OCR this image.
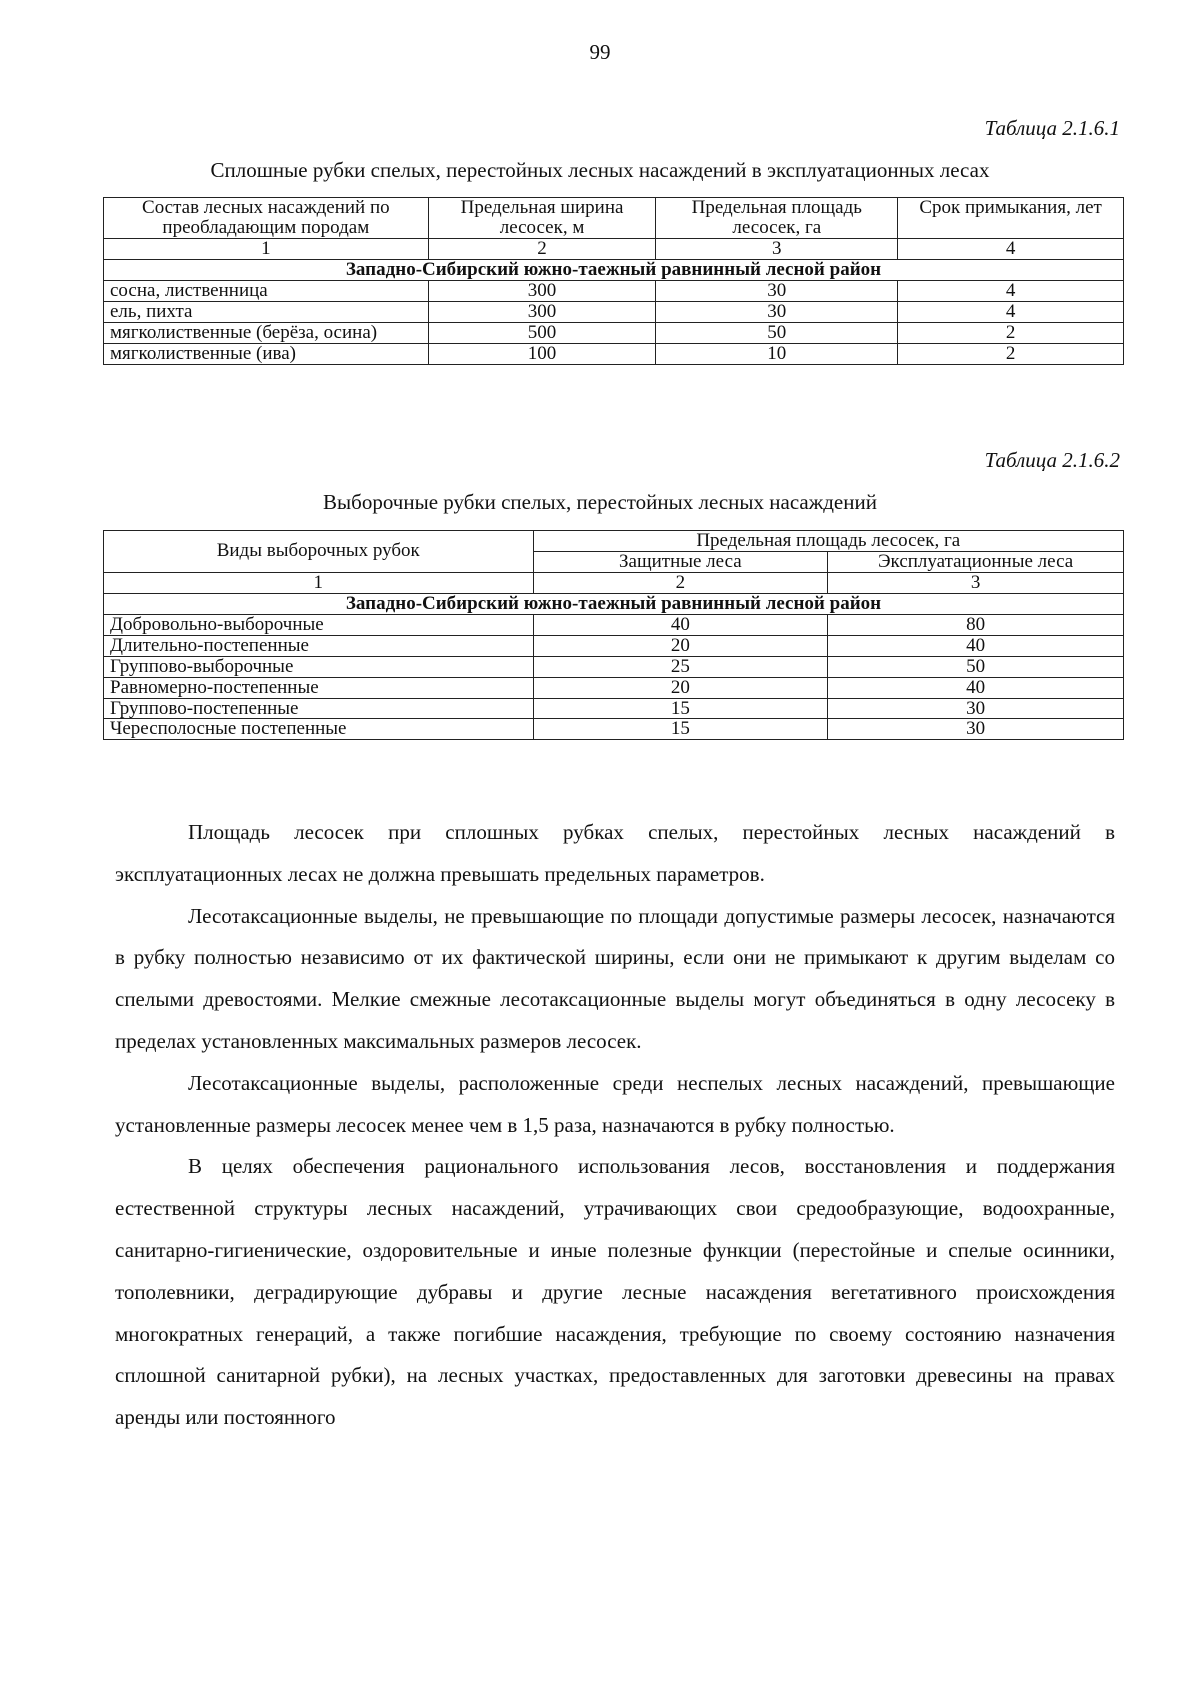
99
Таблица 2.1.6.1
Сплошные рубки спелых, перестойных лесных насаждений в эксплуатационных лесах
Состав лесных насаждений по преобладающим породам	Предельная ширина лесосек, м	Предельная площадь лесосек, га	Срок примыкания, лет
1	2	3	4
Западно-Сибирский южно-таежный равнинный лесной район			
сосна, лиственница	300	30	4
ель, пихта	300	30	4
мягколиственные (берёза, осина)	500	50	2
мягколиственные (ива)	100	10	2
Таблица 2.1.6.2
Выборочные рубки спелых, перестойных лесных насаждений
Виды выборочных рубок	Предельная площадь лесосек, га	
	Защитные леса	Эксплуатационные леса
1	2	3
Западно-Сибирский южно-таежный равнинный лесной район		
Добровольно-выборочные	40	80
Длительно-постепенные	20	40
Группово-выборочные	25	50
Равномерно-постепенные	20	40
Группово-постепенные	15	30
Чересполосные постепенные	15	30

Площадь лесосек при сплошных рубках спелых, перестойных лесных насаждений в эксплуатационных лесах не должна превышать предельных параметров.

Лесотаксационные выделы, не превышающие по площади допустимые размеры лесосек, назначаются в рубку полностью независимо от их фактической ширины, если они не примыкают к другим выделам со спелыми древостоями. Мелкие смежные лесотаксационные выделы могут объединяться в одну лесосеку в пределах установленных максимальных размеров лесосек.

Лесотаксационные выделы, расположенные среди неспелых лесных насаждений, превышающие установленные размеры лесосек менее чем в 1,5 раза, назначаются в рубку полностью.

В целях обеспечения рационального использования лесов, восстановления и поддержания естественной структуры лесных насаждений, утрачивающих свои средообразующие, водоохранные, санитарно-гигиенические, оздоровительные и иные полезные функции (перестойные и спелые осинники, тополевники, деградирующие дубравы и другие лесные насаждения вегетативного происхождения многократных генераций, а также погибшие насаждения, требующие по своему состоянию назначения сплошной санитарной рубки), на лесных участках, предоставленных для заготовки древесины на правах аренды или постоянного
